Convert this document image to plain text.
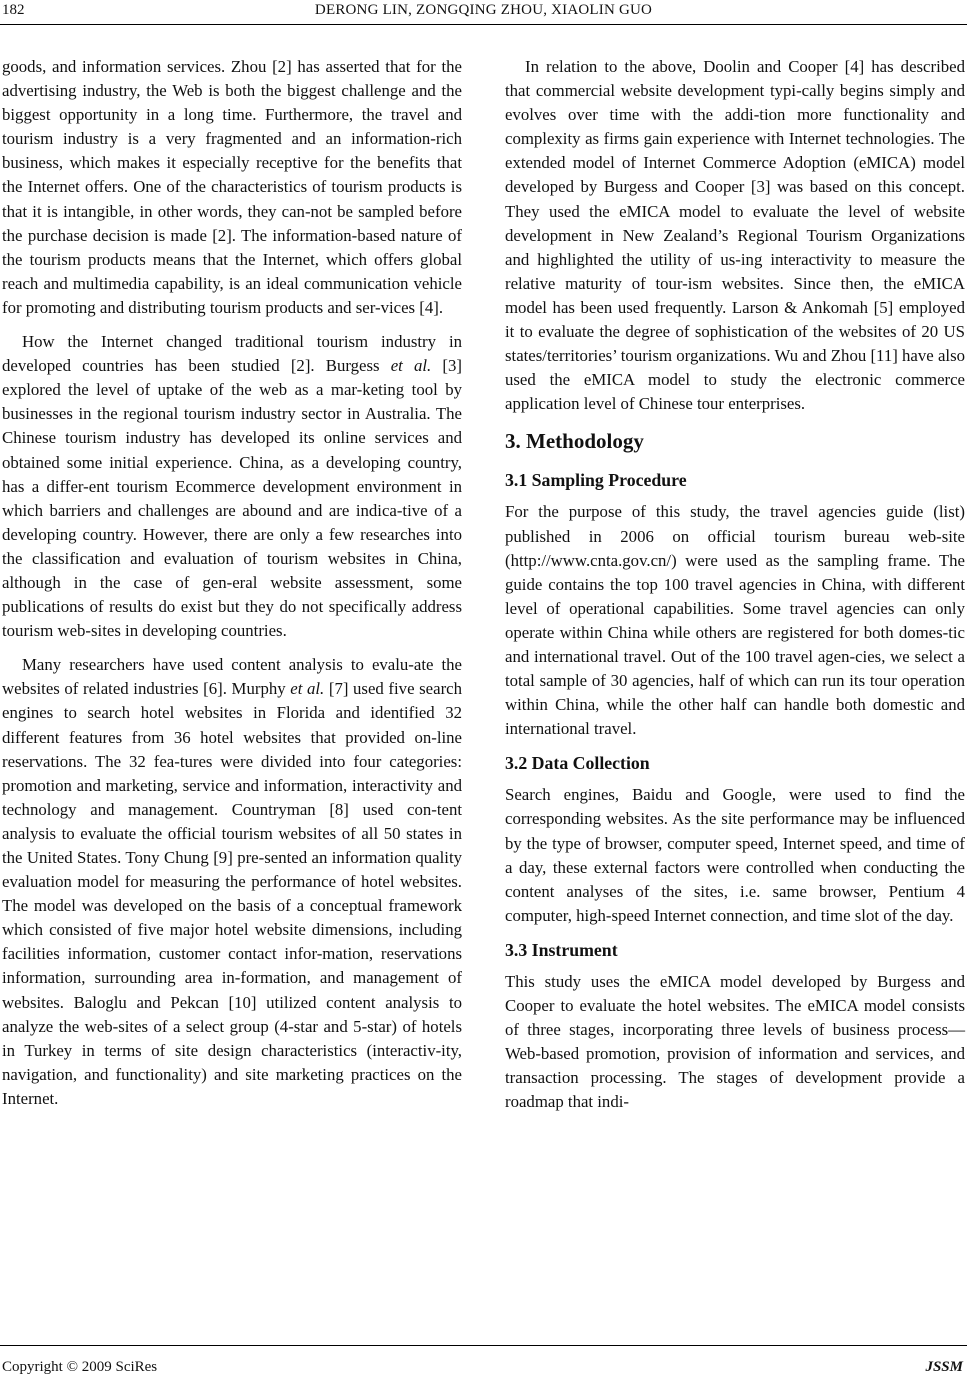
182	DERONG LIN, ZONGQING ZHOU, XIAOLIN GUO

goods, and information services. Zhou [2] has asserted that for the advertising industry, the Web is both the biggest challenge and the biggest opportunity in a long time. Furthermore, the travel and tourism industry is a very fragmented and an information-rich business, which makes it especially receptive for the benefits that the Internet offers. One of the characteristics of tourism products is that it is intangible, in other words, they can-not be sampled before the purchase decision is made [2]. The information-based nature of the tourism products means that the Internet, which offers global reach and multimedia capability, is an ideal communication vehicle for promoting and distributing tourism products and ser-vices [4].

How the Internet changed traditional tourism industry in developed countries has been studied [2]. Burgess et al. [3] explored the level of uptake of the web as a mar-keting tool by businesses in the regional tourism industry sector in Australia. The Chinese tourism industry has developed its online services and obtained some initial experience. China, as a developing country, has a differ-ent tourism Ecommerce development environment in which barriers and challenges are abound and are indica-tive of a developing country. However, there are only a few researches into the classification and evaluation of tourism websites in China, although in the case of gen-eral website assessment, some publications of results do exist but they do not specifically address tourism web-sites in developing countries.

Many researchers have used content analysis to evalu-ate the websites of related industries [6]. Murphy et al. [7] used five search engines to search hotel websites in Florida and identified 32 different features from 36 hotel websites that provided on-line reservations. The 32 fea-tures were divided into four categories: promotion and marketing, service and information, interactivity and technology and management. Countryman [8] used con-tent analysis to evaluate the official tourism websites of all 50 states in the United States. Tony Chung [9] pre-sented an information quality evaluation model for measuring the performance of hotel websites. The model was developed on the basis of a conceptual framework which consisted of five major hotel website dimensions, including facilities information, customer contact infor-mation, reservations information, surrounding area in-formation, and management of websites. Baloglu and Pekcan [10] utilized content analysis to analyze the web-sites of a select group (4-star and 5-star) of hotels in Turkey in terms of site design characteristics (interactiv-ity, navigation, and functionality) and site marketing practices on the Internet.

In relation to the above, Doolin and Cooper [4] has described that commercial website development typi-cally begins simply and evolves over time with the addi-tion more functionality and complexity as firms gain experience with Internet technologies. The extended model of Internet Commerce Adoption (eMICA) model developed by Burgess and Cooper [3] was based on this concept. They used the eMICA model to evaluate the level of website development in New Zealand’s Regional Tourism Organizations and highlighted the utility of us-ing interactivity to measure the relative maturity of tour-ism websites. Since then, the eMICA model has been used frequently. Larson & Ankomah [5] employed it to evaluate the degree of sophistication of the websites of 20 US states/territories’ tourism organizations. Wu and Zhou [11] have also used the eMICA model to study the electronic commerce application level of Chinese tour enterprises.

3. Methodology
3.1 Sampling Procedure

For the purpose of this study, the travel agencies guide (list) published in 2006 on official tourism bureau web-site (http://www.cnta.gov.cn/) were used as the sampling frame. The guide contains the top 100 travel agencies in China, with different level of operational capabilities. Some travel agencies can only operate within China while others are registered for both domes-tic and international travel. Out of the 100 travel agen-cies, we select a total sample of 30 agencies, half of which can run its tour operation within China, while the other half can handle both domestic and international travel.

3.2 Data Collection

Search engines, Baidu and Google, were used to find the corresponding websites. As the site performance may be influenced by the type of browser, computer speed, Internet speed, and time of a day, these external factors were controlled when conducting the content analyses of the sites, i.e. same browser, Pentium 4 computer, high-speed Internet connection, and time slot of the day.

3.3 Instrument

This study uses the eMICA model developed by Burgess and Cooper to evaluate the hotel websites. The eMICA model consists of three stages, incorporating three levels of business process—Web-based promotion, provision of information and services, and transaction processing. The stages of development provide a roadmap that indi-

Copyright © 2009 SciRes	JSSM
